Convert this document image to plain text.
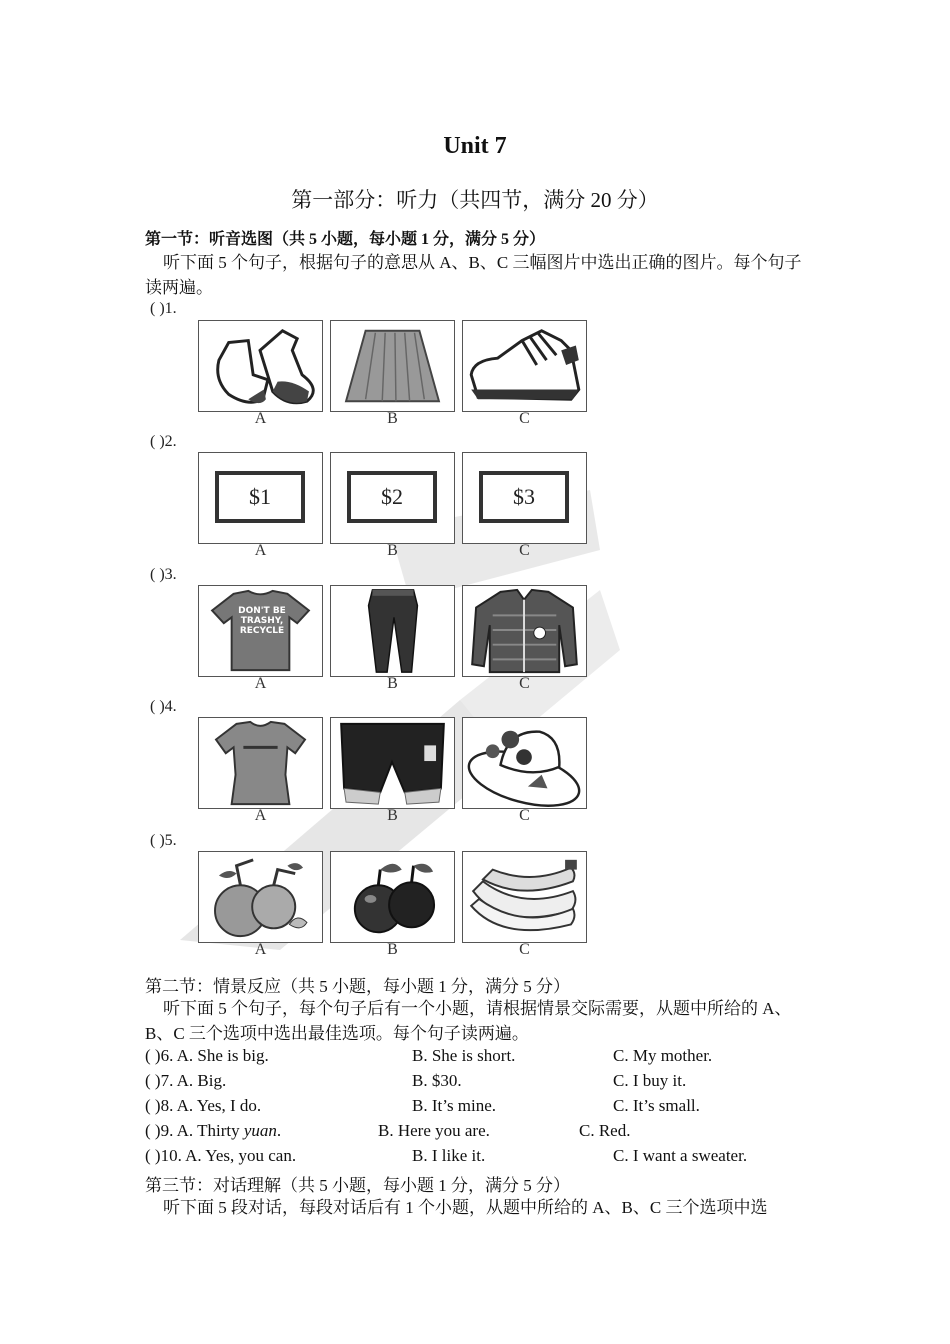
Unit 7
第一部分：听力（共四节，满分 20 分）
第一节：听音选图（共 5 小题，每小题 1 分，满分 5 分）
听下面 5 个句子，根据句子的意思从 A、B、C 三幅图片中选出正确的图片。每个句子读两遍。
( )1.
A	B	C
( )2.
$1
A
$2
B
$3
C
( )3.
DON'T BE TRASHY, RECYCLE
A	B	C
( )4.
A	B	C
( )5.
A	B	C
第二节：情景反应（共 5 小题，每小题 1 分，满分 5 分）
听下面 5 个句子，每个句子后有一个小题，请根据情景交际需要，从题中所给的 A、B、C 三个选项中选出最佳选项。每个句子读两遍。
( )6. A. She is big.	B. She is short.	C. My mother.
( )7. A. Big.	B. $30.	C. I buy it.
( )8. A. Yes, I do.	B. It’s mine.	C. It’s small.
( )9. A. Thirty yuan.	B. Here you are.	C. Red.
( )10. A. Yes, you can.	B. I like it.	C. I want a sweater.
第三节：对话理解（共 5 小题，每小题 1 分，满分 5 分）
听下面 5 段对话，每段对话后有 1 个小题，从题中所给的 A、B、C 三个选项中选
